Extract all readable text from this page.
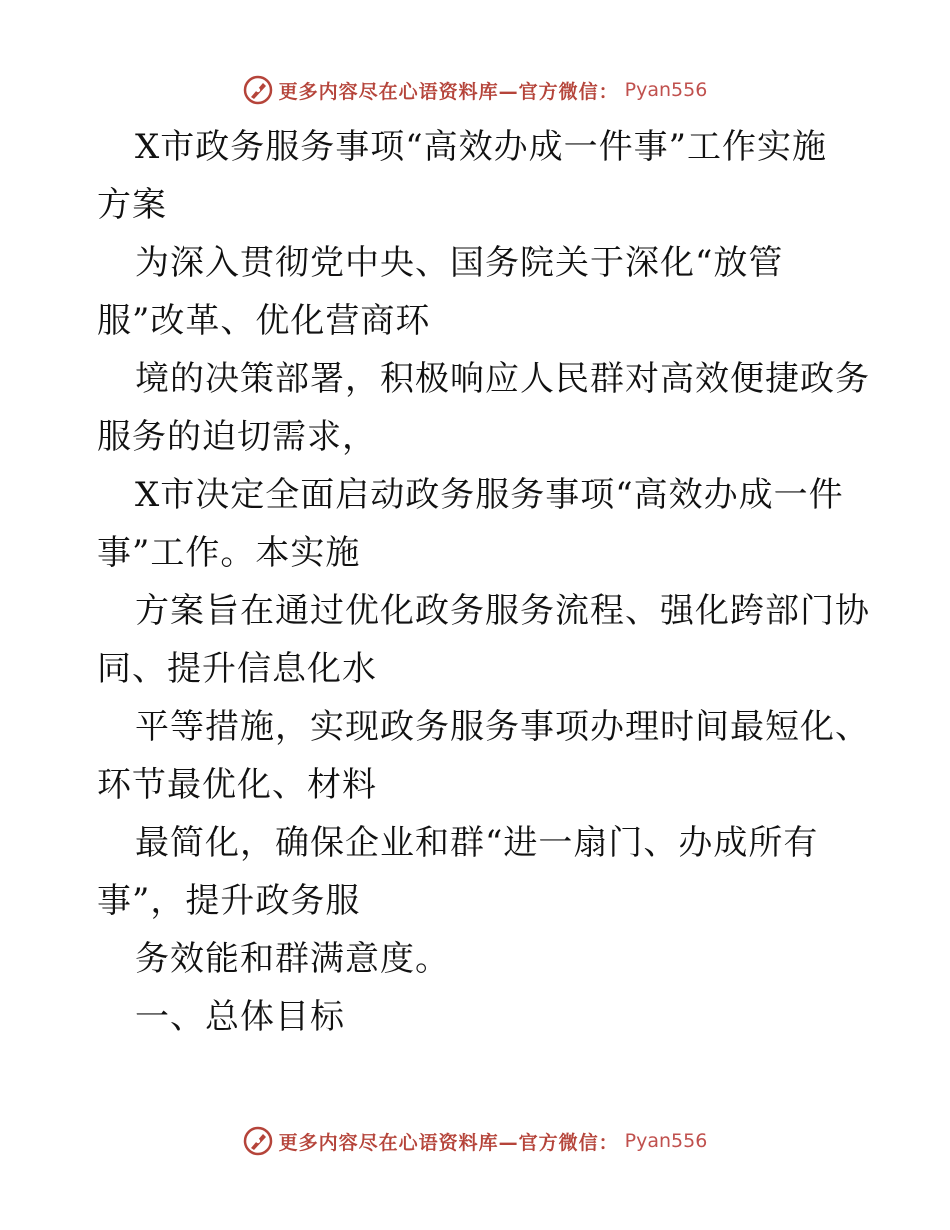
更多内容尽在心语资料库—官方微信： Pyan556
X市政务服务事项“高效办成一件事”工作实施
方案
为深入贯彻党中央、国务院关于深化“放管
服”改革、优化营商环
境的决策部署，积极响应人民群对高效便捷政务
服务的迫切需求，
X市决定全面启动政务服务事项“高效办成一件
事”工作。本实施
方案旨在通过优化政务服务流程、强化跨部门协
同、提升信息化水
平等措施，实现政务服务事项办理时间最短化、
环节最优化、材料
最简化，确保企业和群“进一扇门、办成所有
事”，提升政务服
务效能和群满意度。
一、总体目标
更多内容尽在心语资料库—官方微信： Pyan556
